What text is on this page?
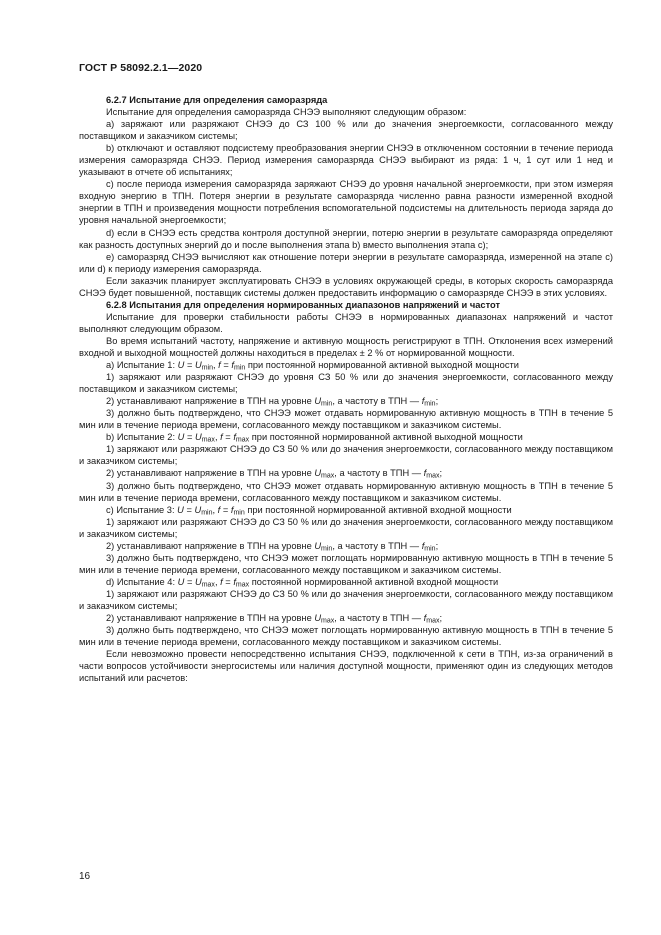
ГОСТ Р 58092.2.1—2020

6.2.7 Испытание для определения саморазряда

Испытание для определения саморазряда СНЭЭ выполняют следующим образом:

a) заряжают или разряжают СНЭЭ до СЗ 100 % или до значения энергоемкости, согласованного между поставщиком и заказчиком системы;

b) отключают и оставляют подсистему преобразования энергии СНЭЭ в отключенном состоянии в течение периода измерения саморазряда СНЭЭ. Период измерения саморазряда СНЭЭ выбирают из ряда: 1 ч, 1 сут или 1 нед и указывают в отчете об испытаниях;

c) после периода измерения саморазряда заряжают СНЭЭ до уровня начальной энергоемкости, при этом измеряя входную энергию в ТПН. Потеря энергии в результате саморазряда численно равна разности измеренной входной энергии в ТПН и произведения мощности потребления вспомогательной подсистемы на длительность периода заряда до уровня начальной энергоемкости;

d) если в СНЭЭ есть средства контроля доступной энергии, потерю энергии в результате саморазряда определяют как разность доступных энергий до и после выполнения этапа b) вместо выполнения этапа c);

e) саморазряд СНЭЭ вычисляют как отношение потери энергии в результате саморазряда, измеренной на этапе c) или d) к периоду измерения саморазряда.

Если заказчик планирует эксплуатировать СНЭЭ в условиях окружающей среды, в которых скорость саморазряда СНЭЭ будет повышенной, поставщик системы должен предоставить информацию о саморазряде СНЭЭ в этих условиях.

6.2.8 Испытания для определения нормированных диапазонов напряжений и частот

Испытание для проверки стабильности работы СНЭЭ в нормированных диапазонах напряжений и частот выполняют следующим образом.

Во время испытаний частоту, напряжение и активную мощность регистрируют в ТПН. Отклонения всех измерений входной и выходной мощностей должны находиться в пределах ± 2 % от нормированной мощности.

a) Испытание 1: $U = U_{min}$, $f = f_{min}$ при постоянной нормированной активной выходной мощности

1) заряжают или разряжают СНЭЭ до уровня СЗ 50 % или до значения энергоемкости, согласованного между поставщиком и заказчиком системы;

2) устанавливают напряжение в ТПН на уровне $U_{min}$, а частоту в ТПН — $f_{min}$;

3) должно быть подтверждено, что СНЭЭ может отдавать нормированную активную мощность в ТПН в течение 5 мин или в течение периода времени, согласованного между поставщиком и заказчиком системы.

b) Испытание 2: $U = U_{max}$, $f = f_{max}$ при постоянной нормированной активной выходной мощности

1) заряжают или разряжают СНЭЭ до СЗ 50 % или до значения энергоемкости, согласованного между поставщиком и заказчиком системы;

2) устанавливают напряжение в ТПН на уровне $U_{max}$, а частоту в ТПН — $f_{max}$;

3) должно быть подтверждено, что СНЭЭ может отдавать нормированную активную мощность в ТПН в течение 5 мин или в течение периода времени, согласованного между поставщиком и заказчиком системы.

c) Испытание 3: $U = U_{min}$, $f = f_{min}$ при постоянной нормированной активной входной мощности

1) заряжают или разряжают СНЭЭ до СЗ 50 % или до значения энергоемкости, согласованного между поставщиком и заказчиком системы;

2) устанавливают напряжение в ТПН на уровне $U_{min}$, а частоту в ТПН — $f_{min}$;

3) должно быть подтверждено, что СНЭЭ может поглощать нормированную активную мощность в ТПН в течение 5 мин или в течение периода времени, согласованного между поставщиком и заказчиком системы.

d) Испытание 4: $U = U_{max}$, $f = f_{max}$ постоянной нормированной активной входной мощности

1) заряжают или разряжают СНЭЭ до СЗ 50 % или до значения энергоемкости, согласованного между поставщиком и заказчиком системы;

2) устанавливают напряжение в ТПН на уровне $U_{max}$, а частоту в ТПН — $f_{max}$;

3) должно быть подтверждено, что СНЭЭ может поглощать нормированную активную мощность в ТПН в течение 5 мин или в течение периода времени, согласованного между поставщиком и заказчиком системы.

Если невозможно провести непосредственно испытания СНЭЭ, подключенной к сети в ТПН, из-за ограничений в части вопросов устойчивости энергосистемы или наличия доступной мощности, применяют один из следующих методов испытаний или расчетов:

16
